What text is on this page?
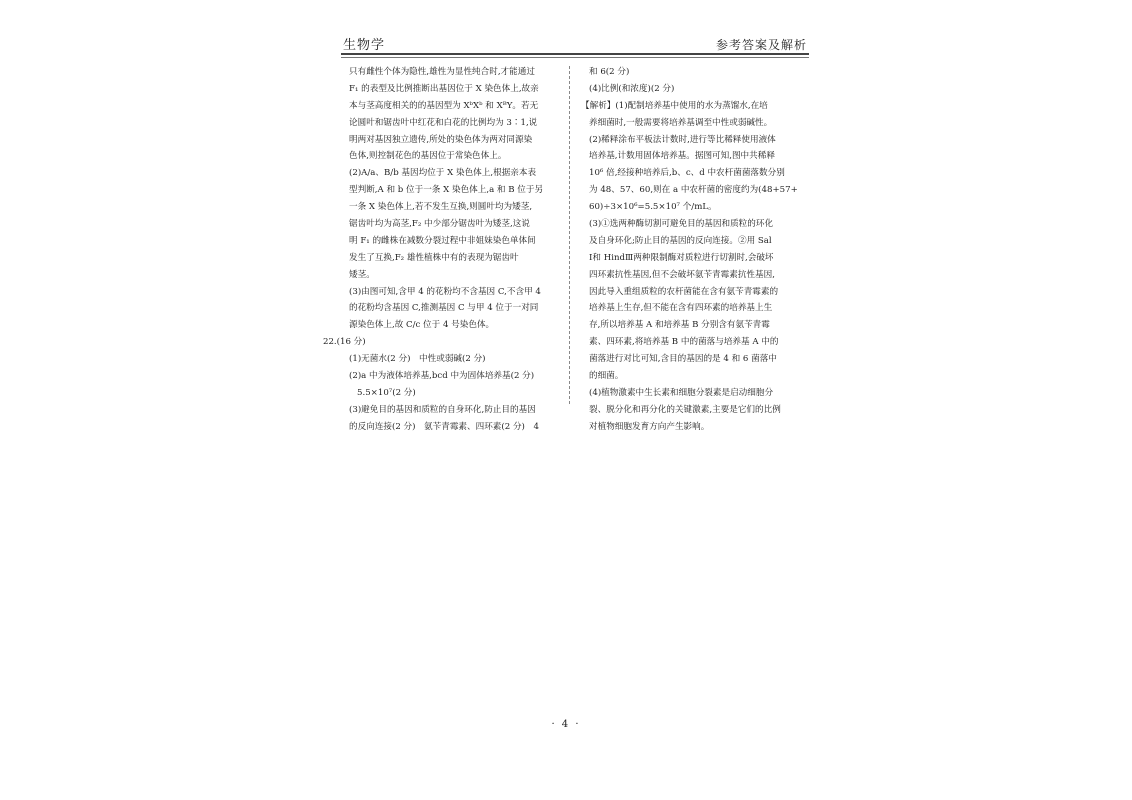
生物学	参考答案及解析
只有雌性个体为隐性,雄性为显性纯合时,才能通过
F₁ 的表型及比例推断出基因位于 X 染色体上,故亲
本与茎高度相关的的基因型为 XᵇXᵇ 和 XᴮY。若无
论圆叶和锯齿叶中红花和白花的比例均为 3∶1,说
明两对基因独立遗传,所处的染色体为两对同源染
色体,则控制花色的基因位于常染色体上。
(2)A/a、B/b 基因均位于 X 染色体上,根据亲本表
型判断,A 和 b 位于一条 X 染色体上,a 和 B 位于另
一条 X 染色体上,若不发生互换,则圆叶均为矮茎,
锯齿叶均为高茎,F₂ 中少部分锯齿叶为矮茎,这说
明 F₁ 的雌株在减数分裂过程中非姐妹染色单体间
发生了互换,F₂ 雄性植株中有的表现为锯齿叶
矮茎。
(3)由图可知,含甲 4 的花粉均不含基因 C,不含甲 4
的花粉均含基因 C,推测基因 C 与甲 4 位于一对同
源染色体上,故 C/c 位于 4 号染色体。
22.(16 分)
(1)无菌水(2 分)　中性或弱碱(2 分)
(2)a 中为液体培养基,bcd 中为固体培养基(2 分)
5.5×10⁷(2 分)
(3)避免目的基因和质粒的自身环化,防止目的基因
的反向连接(2 分)　氨苄青霉素、四环素(2 分)　4
和 6(2 分)
(4)比例(和浓度)(2 分)
【解析】(1)配制培养基中使用的水为蒸馏水,在培
养细菌时,一般需要将培养基调至中性或弱碱性。
(2)稀释涂布平板法计数时,进行等比稀释使用液体
培养基,计数用固体培养基。据图可知,图中共稀释
10⁶ 倍,经接种培养后,b、c、d 中农杆菌菌落数分别
为 48、57、60,则在 a 中农杆菌的密度约为(48+57+
60)÷3×10⁶=5.5×10⁷ 个/mL。
(3)①选两种酶切割可避免目的基因和质粒的环化
及自身环化;防止目的基因的反向连接。②用 Sal
Ⅰ和 HindⅢ两种限制酶对质粒进行切割时,会破坏
四环素抗性基因,但不会破坏氨苄青霉素抗性基因,
因此导入重组质粒的农杆菌能在含有氨苄青霉素的
培养基上生存,但不能在含有四环素的培养基上生
存,所以培养基 A 和培养基 B 分别含有氨苄青霉
素、四环素,将培养基 B 中的菌落与培养基 A 中的
菌落进行对比可知,含目的基因的是 4 和 6 菌落中
的细菌。
(4)植物激素中生长素和细胞分裂素是启动细胞分
裂、脱分化和再分化的关键激素,主要是它们的比例
对植物细胞发育方向产生影响。
· 4 ·
